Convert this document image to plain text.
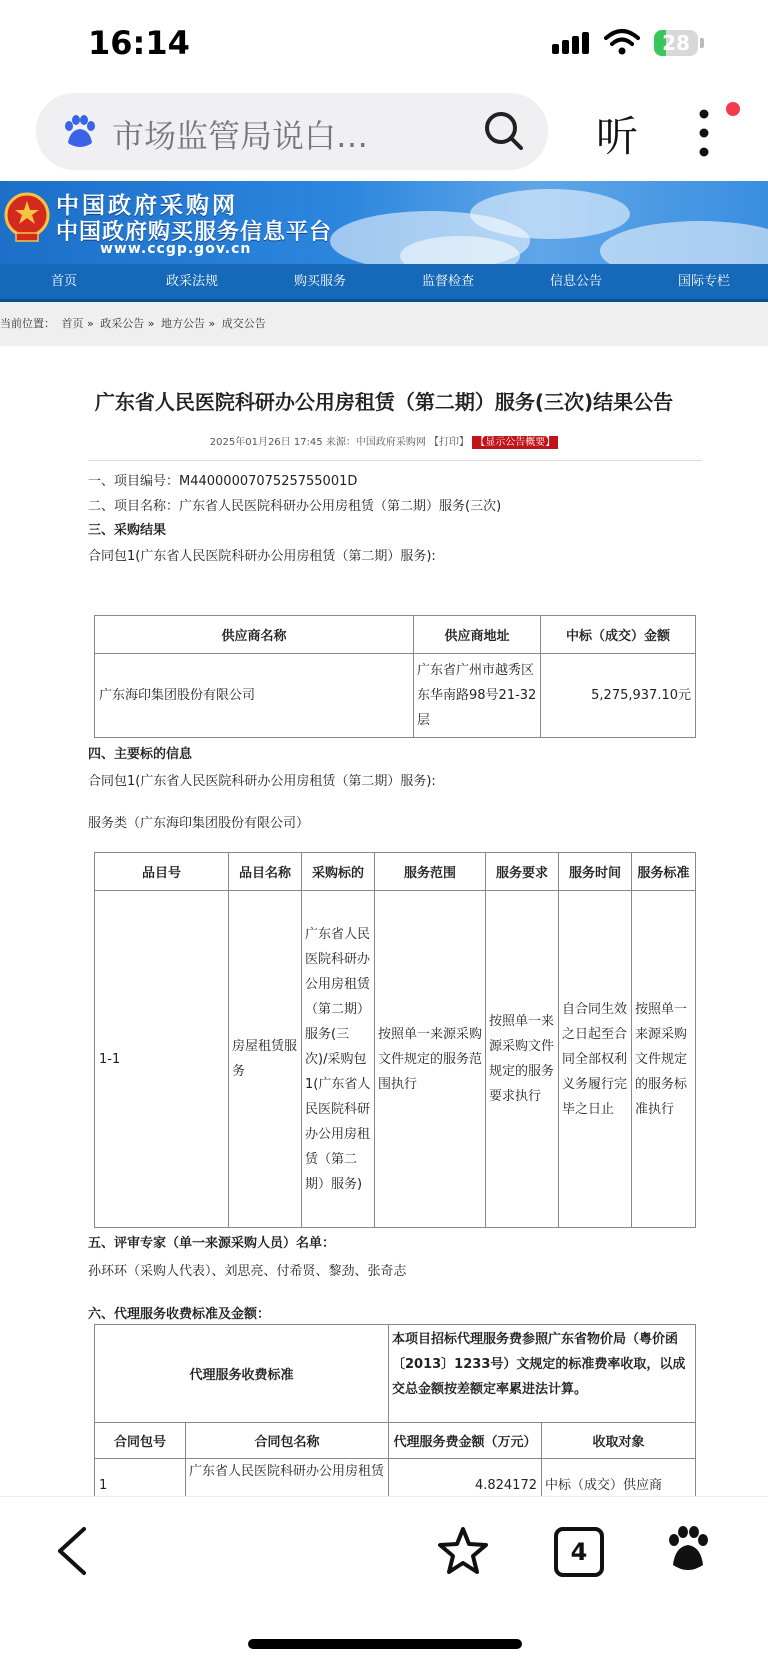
16:14	28
市场监管局说白…	听
中国政府采购网
中国政府购买服务信息平台
www.ccgp.gov.cn
首页	政采法规	购买服务	监督检查	信息公告	国际专栏
当前位置： 首页 » 政采公告 » 地方公告 » 成交公告
广东省人民医院科研办公用房租赁（第二期）服务(三次)结果公告
2025年01月26日 17:45 来源：中国政府采购网 【打印】 【显示公告概要】
一、项目编号：M4400000707525755001D
二、项目名称：广东省人民医院科研办公用房租赁（第二期）服务(三次)
三、采购结果
合同包1(广东省人民医院科研办公用房租赁（第二期）服务):
供应商名称	供应商地址	中标（成交）金额
广东海印集团股份有限公司	广东省广州市越秀区东华南路98号21-32层	5,275,937.10元
四、主要标的信息
合同包1(广东省人民医院科研办公用房租赁（第二期）服务):
服务类（广东海印集团股份有限公司）
品目号	品目名称	采购标的	服务范围	服务要求	服务时间	服务标准
1-1	房屋租赁服务	广东省人民医院科研办公用房租赁（第二期）服务(三次)/采购包1(广东省人民医院科研办公用房租赁（第二期）服务)	按照单一来源采购文件规定的服务范围执行	按照单一来源采购文件规定的服务要求执行	自合同生效之日起至合同全部权利义务履行完毕之日止	按照单一来源采购文件规定的服务标准执行
五、评审专家（单一来源采购人员）名单：
孙环环（采购人代表）、刘思亮、付希贤、黎劲、张奇志
六、代理服务收费标准及金额：
代理服务收费标准		本项目招标代理服务费参照广东省物价局（粤价函〔2013〕1233号）文规定的标准费率收取，以成交总金额按差额定率累进法计算。	
合同包号	合同包名称	代理服务费金额（万元）	收取对象
1	广东省人民医院科研办公用房租赁	4.824172	中标（成交）供应商
4
